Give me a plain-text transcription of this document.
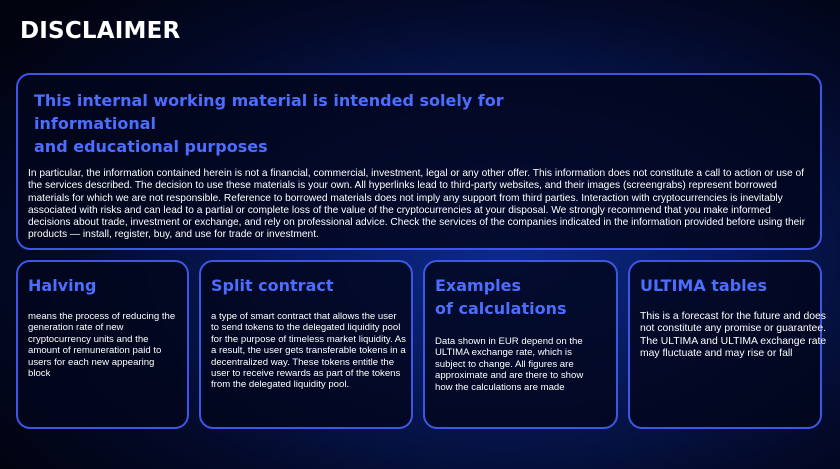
DISCLAIMER
This internal working material is intended solely for informational
and educational purposes
In particular, the information contained herein is not a financial, commercial, investment, legal or any other offer. This information does not constitute a call to action or use of the services described. The decision to use these materials is your own. All hyperlinks lead to third-party websites, and their images (screengrabs) represent borrowed materials for which we are not responsible. Reference to borrowed materials does not imply any support from third parties. Interaction with cryptocurrencies is inevitably associated with risks and can lead to a partial or complete loss of the value of the cryptocurrencies at your disposal. We strongly recommend that you make informed decisions about trade, investment or exchange, and rely on professional advice. Check the services of the companies indicated in the information provided before using their products — install, register, buy, and use for trade or investment.
Halving
means the process of reducing the generation rate of new cryptocurrency units and the amount of remuneration paid to users for each new appearing block
Split contract
a type of smart contract that allows the user to send tokens to the delegated liquidity pool for the purpose of timeless market liquidity. As a result, the user gets transferable tokens in a decentralized way. These tokens entitle the user to receive rewards as part of the tokens from the delegated liquidity pool.
Examples
of calculations
Data shown in EUR depend on the ULTIMA exchange rate, which is subject to change. All figures are approximate and are there to show how the calculations are made
ULTIMA tables
This is a forecast for the future and does not constitute any promise or guarantee. The ULTIMA and ULTIMA exchange rate may fluctuate and may rise or fall
